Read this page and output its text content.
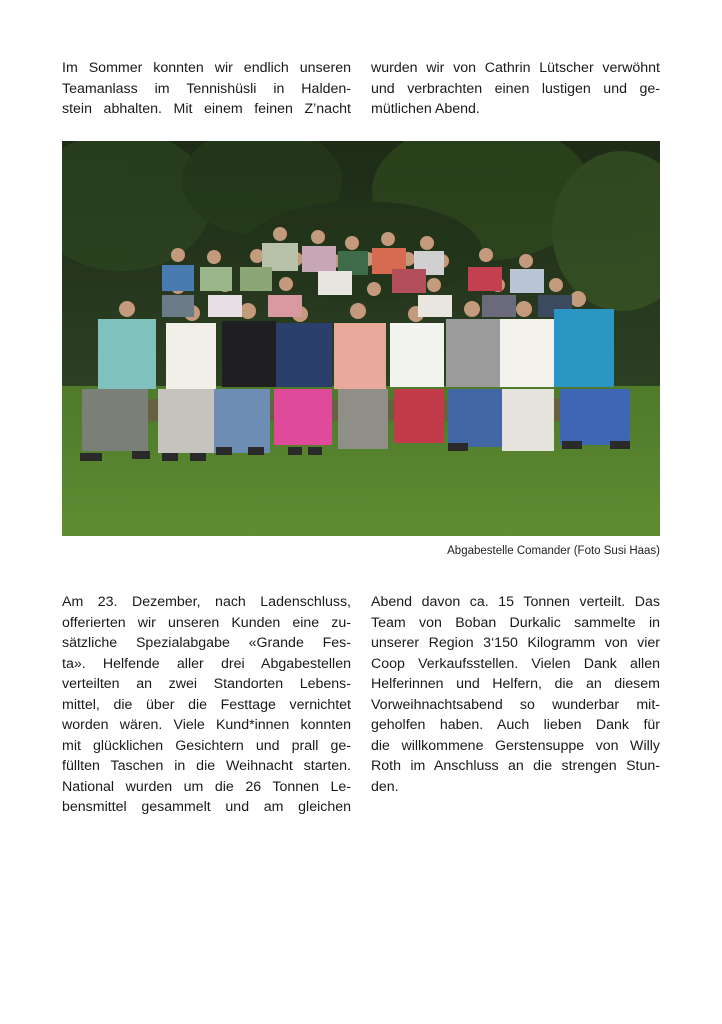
Im Sommer konnten wir endlich unseren
Teamanlass im Tennishüsli in Halden-
stein abhalten. Mit einem feinen Z’nacht
wurden wir von Cathrin Lütscher verwöhnt
und verbrachten einen lustigen und ge-
mütlichen Abend.
Abgabestelle Comander (Foto Susi Haas)
Am 23. Dezember, nach Ladenschluss,
offerierten wir unseren Kunden eine zu-
sätzliche Spezialabgabe «Grande Fes-
ta». Helfende aller drei Abgabestellen
verteilten an zwei Standorten Lebens-
mittel, die über die Festtage vernichtet
worden wären. Viele Kund*innen konnten
mit glücklichen Gesichtern und prall ge-
füllten Taschen in die Weihnacht starten.
National wurden um die 26 Tonnen Le-
bensmittel gesammelt und am gleichen
Abend davon ca. 15 Tonnen verteilt. Das
Team von Boban Durkalic sammelte in
unserer Region 3‘150 Kilogramm von vier
Coop Verkaufsstellen. Vielen Dank allen
Helferinnen und Helfern, die an diesem
Vorweihnachtsabend so wunderbar mit-
geholfen haben. Auch lieben Dank für
die willkommene Gerstensuppe von Willy
Roth im Anschluss an die strengen Stun-
den.
